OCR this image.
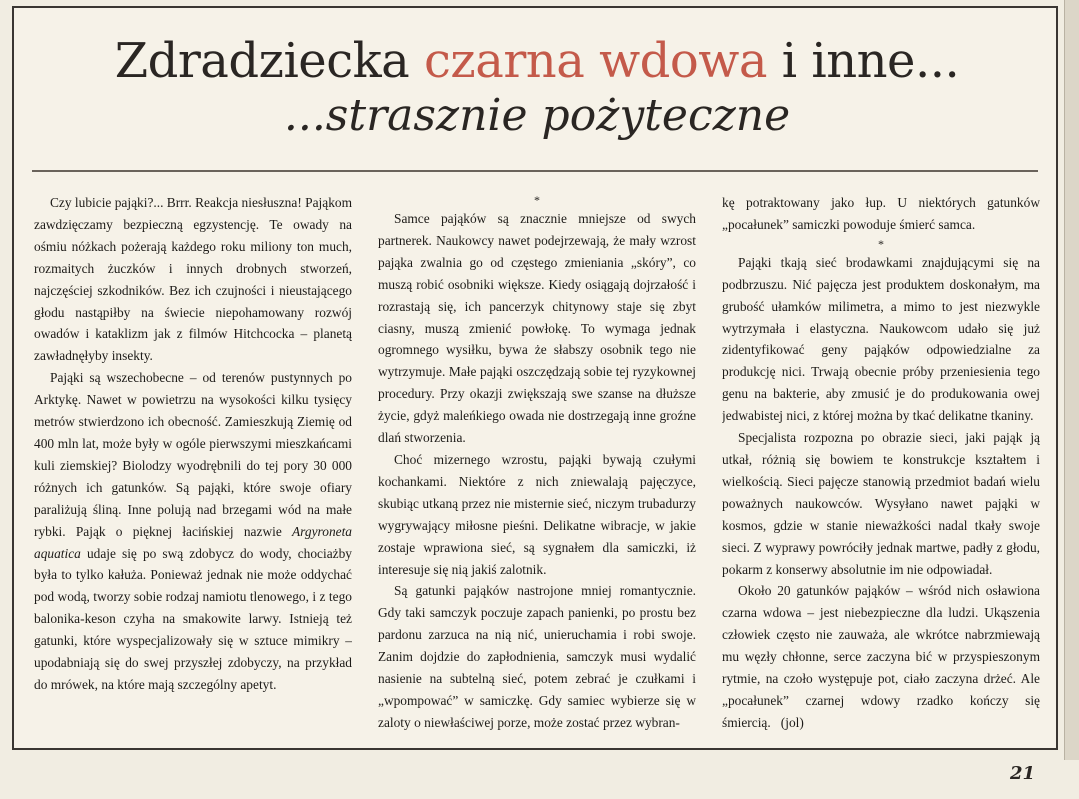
Zdradziecka czarna wdowa i inne...
...strasznie pożyteczne

Czy lubicie pająki?... Brrr. Reakcja niesłuszna! Pająkom zawdzięczamy bezpieczną egzystencję. Te owady na ośmiu nóżkach pożerają każdego roku miliony ton much, rozmaitych żuczków i innych drobnych stworzeń, najczęściej szkodników. Bez ich czujności i nieustającego głodu nastąpiłby na świecie niepohamowany rozwój owadów i kataklizm jak z filmów Hitchcocka – planetą zawładnęłyby insekty.

Pająki są wszechobecne – od terenów pustynnych po Arktykę. Nawet w powietrzu na wysokości kilku tysięcy metrów stwierdzono ich obecność. Zamieszkują Ziemię od 400 mln lat, może były w ogóle pierwszymi mieszkańcami kuli ziemskiej? Biolodzy wyodrębnili do tej pory 30 000 różnych ich gatunków. Są pająki, które swoje ofiary paraliżują śliną. Inne polują nad brzegami wód na małe rybki. Pająk o pięknej łacińskiej nazwie Argyroneta aquatica udaje się po swą zdobycz do wody, chociażby była to tylko kałuża. Ponieważ jednak nie może oddychać pod wodą, tworzy sobie rodzaj namiotu tlenowego, i z tego balonika-keson czyha na smakowite larwy. Istnieją też gatunki, które wyspecjalizowały się w sztuce mimikry – upodabniają się do swej przyszłej zdobyczy, na przykład do mrówek, na które mają szczególny apetyt.

*

Samce pająków są znacznie mniejsze od swych partnerek. Naukowcy nawet podejrzewają, że mały wzrost pająka zwalnia go od częstego zmieniania „skóry”, co muszą robić osobniki większe. Kiedy osiągają dojrzałość i rozrastają się, ich pancerzyk chitynowy staje się zbyt ciasny, muszą zmienić powłokę. To wymaga jednak ogromnego wysiłku, bywa że słabszy osobnik tego nie wytrzymuje. Małe pająki oszczędzają sobie tej ryzykownej procedury. Przy okazji zwiększają swe szanse na dłuższe życie, gdyż maleńkiego owada nie dostrzegają inne groźne dlań stworzenia.

Choć mizernego wzrostu, pająki bywają czułymi kochankami. Niektóre z nich zniewalają pajęczyce, skubiąc utkaną przez nie misternie sieć, niczym trubadurzy wygrywający miłosne pieśni. Delikatne wibracje, w jakie zostaje wprawiona sieć, są sygnałem dla samiczki, iż interesuje się nią jakiś zalotnik.

Są gatunki pająków nastrojone mniej romantycznie. Gdy taki samczyk poczuje zapach panienki, po prostu bez pardonu zarzuca na nią nić, unieruchamia i robi swoje. Zanim dojdzie do zapłodnienia, samczyk musi wydalić nasienie na subtelną sieć, potem zebrać je czułkami i „wpompować” w samiczkę. Gdy samiec wybierze się w zaloty o niewłaściwej porze, może zostać przez wybran-

kę potraktowany jako łup. U niektórych gatunków „pocałunek” samiczki powoduje śmierć samca.

*

Pająki tkają sieć brodawkami znajdującymi się na podbrzuszu. Nić pajęcza jest produktem doskonałym, ma grubość ułamków milimetra, a mimo to jest niezwykle wytrzymała i elastyczna. Naukowcom udało się już zidentyfikować geny pająków odpowiedzialne za produkcję nici. Trwają obecnie próby przeniesienia tego genu na bakterie, aby zmusić je do produkowania owej jedwabistej nici, z której można by tkać delikatne tkaniny.

Specjalista rozpozna po obrazie sieci, jaki pająk ją utkał, różnią się bowiem te konstrukcje kształtem i wielkością. Sieci pajęcze stanowią przedmiot badań wielu poważnych naukowców. Wysyłano nawet pająki w kosmos, gdzie w stanie nieważkości nadal tkały swoje sieci. Z wyprawy powróciły jednak martwe, padły z głodu, pokarm z konserwy absolutnie im nie odpowiadał.

Około 20 gatunków pająków – wśród nich osławiona czarna wdowa – jest niebezpieczne dla ludzi. Ukąszenia człowiek często nie zauważa, ale wkrótce nabrzmiewają mu węzły chłonne, serce zaczyna bić w przyspieszonym rytmie, na czoło występuje pot, ciało zaczyna drżeć. Ale „pocałunek” czarnej wdowy rzadko kończy się śmiercią. (jol)

21
